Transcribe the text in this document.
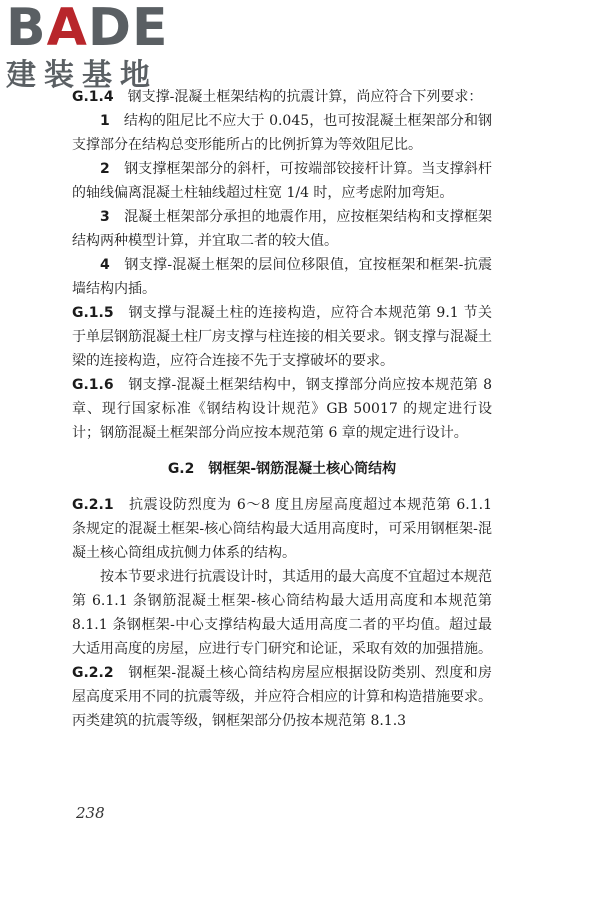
BADE
建装基地

G.1.4　 钢支撑-混凝土框架结构的抗震计算，尚应符合下列要求：

1　 结构的阻尼比不应大于 0.045，也可按混凝土框架部分和钢支撑部分在结构总变形能所占的比例折算为等效阻尼比。

2　 钢支撑框架部分的斜杆，可按端部铰接杆计算。当支撑斜杆的轴线偏离混凝土柱轴线超过柱宽 1/4 时，应考虑附加弯矩。

3　 混凝土框架部分承担的地震作用，应按框架结构和支撑框架结构两种模型计算，并宜取二者的较大值。

4　 钢支撑-混凝土框架的层间位移限值，宜按框架和框架-抗震墙结构内插。

G.1.5　 钢支撑与混凝土柱的连接构造，应符合本规范第 9.1 节关于单层钢筋混凝土柱厂房支撑与柱连接的相关要求。钢支撑与混凝土梁的连接构造，应符合连接不先于支撑破坏的要求。

G.1.6　 钢支撑-混凝土框架结构中，钢支撑部分尚应按本规范第 8 章、现行国家标准《钢结构设计规范》GB 50017 的规定进行设计；钢筋混凝土框架部分尚应按本规范第 6 章的规定进行设计。

G.2　钢框架-钢筋混凝土核心筒结构

G.2.1　 抗震设防烈度为 6～8 度且房屋高度超过本规范第 6.1.1 条规定的混凝土框架-核心筒结构最大适用高度时，可采用钢框架-混凝土核心筒组成抗侧力体系的结构。

按本节要求进行抗震设计时，其适用的最大高度不宜超过本规范第 6.1.1 条钢筋混凝土框架-核心筒结构最大适用高度和本规范第 8.1.1 条钢框架-中心支撑结构最大适用高度二者的平均值。超过最大适用高度的房屋，应进行专门研究和论证，采取有效的加强措施。

G.2.2　 钢框架-混凝土核心筒结构房屋应根据设防类别、烈度和房屋高度采用不同的抗震等级，并应符合相应的计算和构造措施要求。丙类建筑的抗震等级，钢框架部分仍按本规范第 8.1.3

238
